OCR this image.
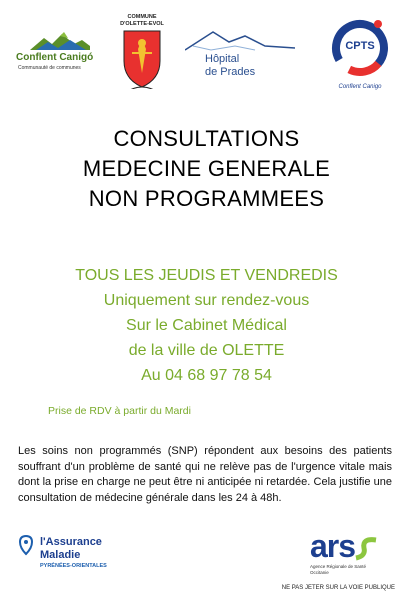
Conflent Canigó
Communauté de communes
COMMUNE
D'OLETTE-EVOL
Hôpital
de Prades
CPTS
Conflent Canigo
CONSULTATIONS
MEDECINE GENERALE
NON PROGRAMMEES
TOUS LES JEUDIS ET VENDREDIS
Uniquement sur rendez-vous
Sur le Cabinet Médical
de la ville de OLETTE
Au 04 68 97 78 54
Prise de RDV à partir du Mardi
Les soins non programmés (SNP) répondent aux besoins des patients souffrant d'un problème de santé qui ne relève pas de l'urgence vitale mais dont la prise en charge ne peut être ni anticipée ni retardée. Cela justifie une consultation de médecine générale dans les 24 à 48h.
l'Assurance
Maladie
PYRÉNÉES-ORIENTALES
ars
Agence Régionale de Santé
Occitanie
NE PAS JETER SUR LA VOIE PUBLIQUE
